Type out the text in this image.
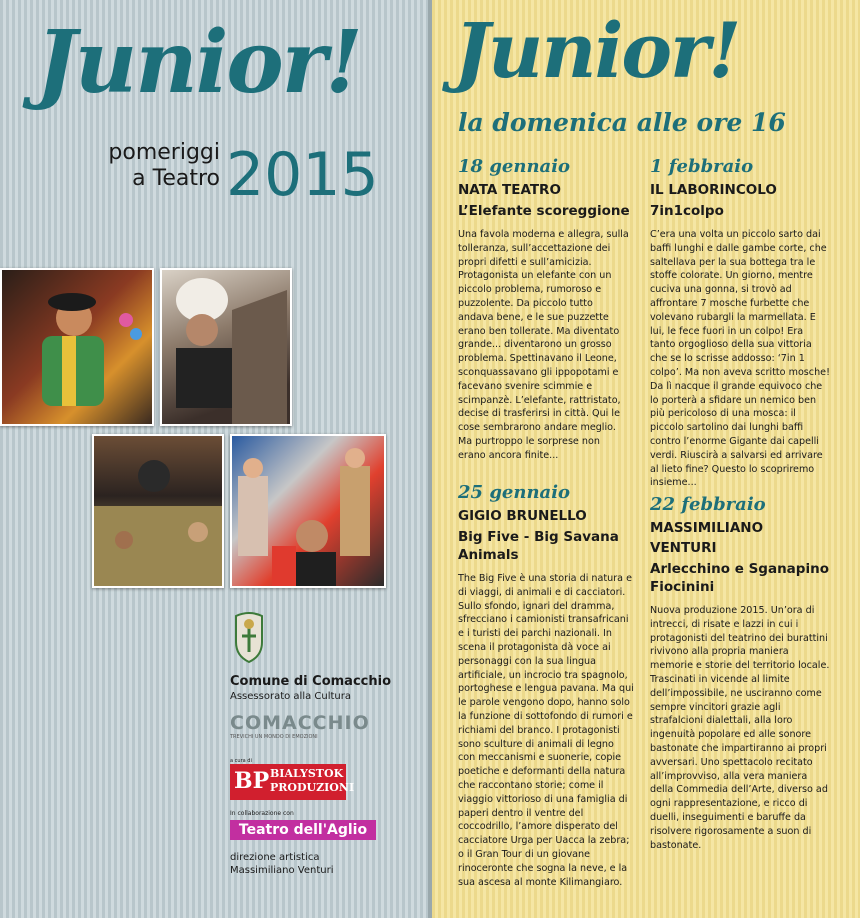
Junior!
pomeriggi
a Teatro 2015
Comune di Comacchio
Assessorato alla Cultura
COMACCHIO
TREVICHI UN MONDO DI EMOZIONI
a cura di
BP BIALYSTOK
PRODUZIONI
In collaborazione con
Teatro dell'Aglio
direzione artistica
Massimiliano Venturi
Junior!
la domenica alle ore 16
18 gennaio
NATA TEATRO
L’Elefante scoreggione
Una favola moderna e allegra, sulla tolleranza, sull’accettazione dei propri difetti e sull’amicizia. Protagonista un elefante con un piccolo problema, rumoroso e puzzolente. Da piccolo tutto andava bene, e le sue puzzette erano ben tollerate. Ma diventato grande... diventarono un grosso problema. Spettinavano il Leone, sconquassavano gli ippopotami e facevano svenire scimmie e scimpanzè. L’elefante, rattristato, decise di trasferirsi in città. Qui le cose sembrarono andare meglio. Ma purtroppo le sorprese non erano ancora finite...
1 febbraio
IL LABORINCOLO
7in1colpo
C’era una volta un piccolo sarto dai baffi lunghi e dalle gambe corte, che saltellava per la sua bottega tra le stoffe colorate. Un giorno, mentre cuciva una gonna, si trovò ad affrontare 7 mosche furbette che volevano rubargli la marmellata. E lui, le fece fuori in un colpo! Era tanto orgoglioso della sua vittoria che se lo scrisse addosso: ‘7in 1 colpo’. Ma non aveva scritto mosche! Da lì nacque il grande equivoco che lo porterà a sfidare un nemico ben più pericoloso di una mosca: il piccolo sartolino dai lunghi baffi contro l’enorme Gigante dai capelli verdi. Riuscirà a salvarsi ed arrivare al lieto fine? Questo lo scopriremo insieme...
25 gennaio
GIGIO BRUNELLO
Big Five - Big Savana Animals
The Big Five è una storia di natura e di viaggi, di animali e di cacciatori. Sullo sfondo, ignari del dramma, sfrecciano i camionisti transafricani e i turisti dei parchi nazionali. In scena il protagonista dà voce ai personaggi con la sua lingua artificiale, un incrocio tra spagnolo, portoghese e lengua pavana. Ma qui le parole vengono dopo, hanno solo la funzione di sottofondo di rumori e richiami del branco. I protagonisti sono sculture di animali di legno con meccanismi e suonerie, copie poetiche e deformanti della natura che raccontano storie; come il viaggio vittorioso di una famiglia di paperi dentro il ventre del coccodrillo, l’amore disperato del cacciatore Urga per Uacca la zebra; o il Gran Tour di un giovane rinoceronte che sogna la neve, e la sua ascesa al monte Kilimangiaro.
22 febbraio
MASSIMILIANO VENTURI
Arlecchino e Sganapino Fiocinini
Nuova produzione 2015. Un’ora di intrecci, di risate e lazzi in cui i protagonisti del teatrino dei burattini rivivono alla propria maniera memorie e storie del territorio locale. Trascinati in vicende al limite dell’impossibile, ne usciranno come sempre vincitori grazie agli strafalcioni dialettali, alla loro ingenuità popolare ed alle sonore bastonate che impartiranno ai propri avversari. Uno spettacolo recitato all’improvviso, alla vera maniera della Commedia dell’Arte, diverso ad ogni rappresentazione, e ricco di duelli, inseguimenti e baruffe da risolvere rigorosamente a suon di bastonate.
